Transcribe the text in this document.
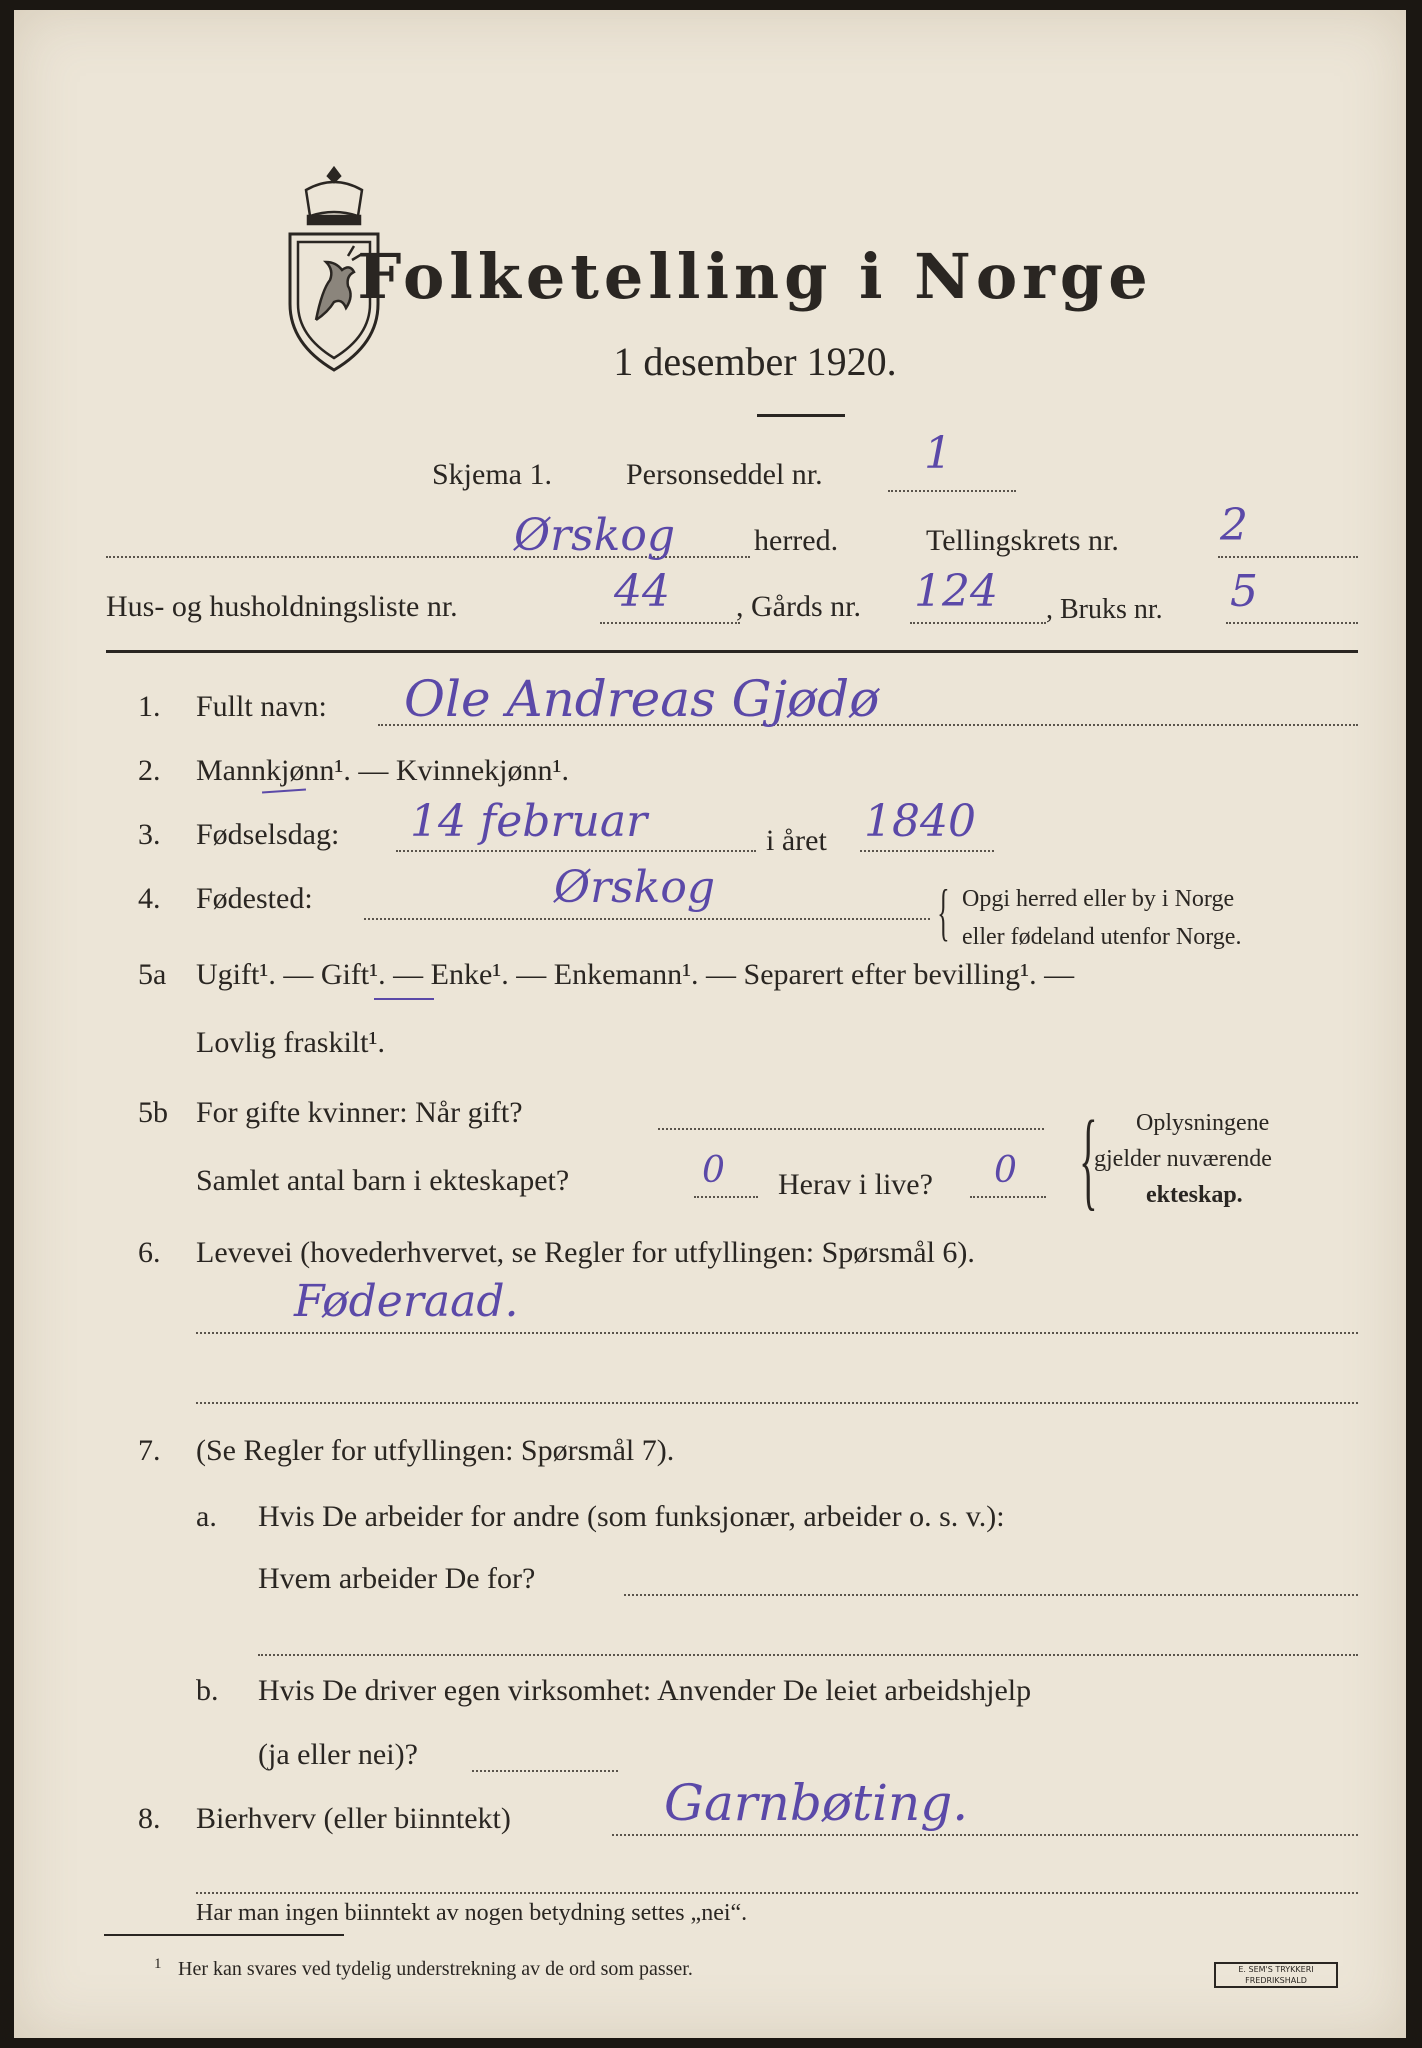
Folketelling i Norge
1 desember 1920.
Skjema 1. Personseddel nr. 1
Ørskog	herred.	Tellingskrets nr. 2
Hus- og husholdningsliste nr.	44 , Gårds nr. 124 , Bruks nr. 5
1. Fullt navn: Ole Andreas Gjødø
2. Mannkjønn¹. — Kvinnekjønn¹.
3. Fødselsdag: 14 februar	i året 1840
4. Fødested:	Ørskog	{ Opgi herred eller by i Norge
eller fødeland utenfor Norge.
5a Ugift¹. — Gift¹. — Enke¹. — Enkemann¹. — Separert efter bevilling¹. —
Lovlig fraskilt¹.
5b For gifte kvinner: Når gift?
Samlet antal barn i ekteskapet?	0 Herav i live? 0 { Oplysningene
gjelder nuværende
ekteskap.
6. Levevei (hovederhvervet, se Regler for utfyllingen: Spørsmål 6).
Føderaad.
7. (Se Regler for utfyllingen: Spørsmål 7).
a. Hvis De arbeider for andre (som funksjonær, arbeider o. s. v.):
Hvem arbeider De for?
b. Hvis De driver egen virksomhet: Anvender De leiet arbeidshjelp
(ja eller nei)?
8. Bierhverv (eller biinntekt)	Garnbøting.
Har man ingen biinntekt av nogen betydning settes „nei“.
1 Her kan svares ved tydelig understrekning av de ord som passer.	E. SEM'S TRYKKERI FREDRIKSHALD
